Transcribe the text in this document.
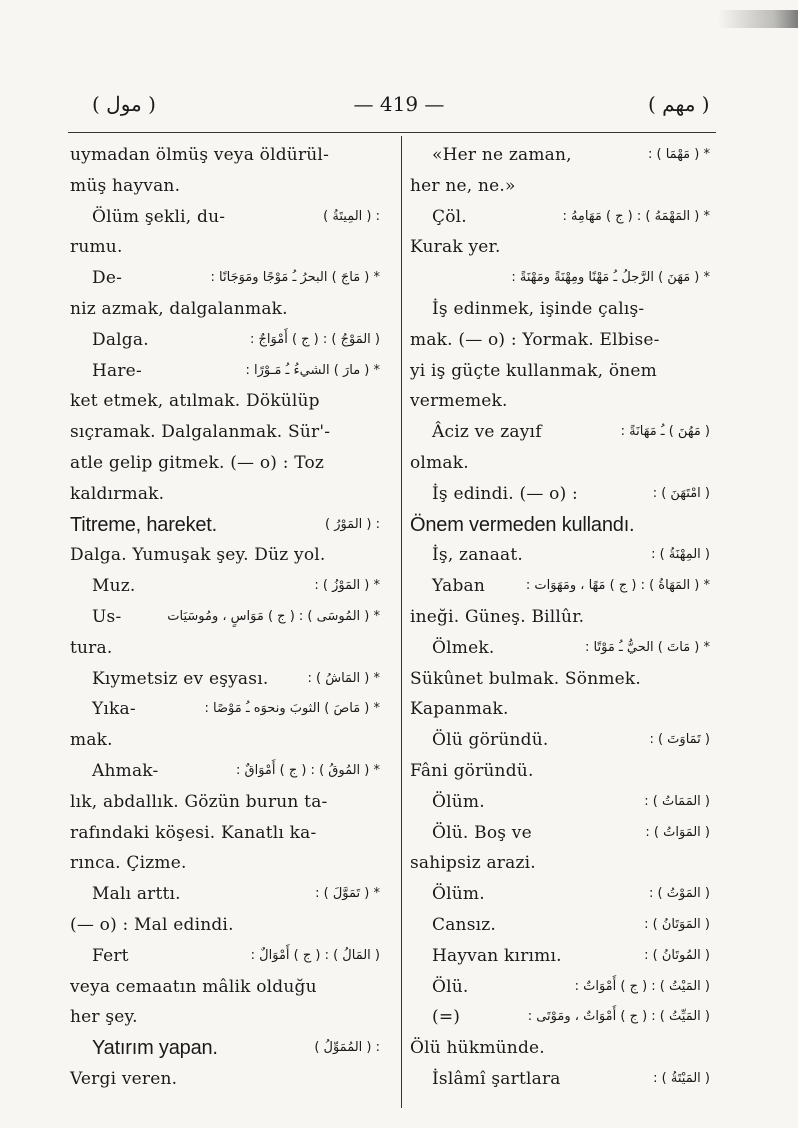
( مول )	— 419 —	( مهم )
uymadan ölmüş veya öldürül-
müş hayvan.
Ölüm şekli, du-	: ( المِيتَةُ )
rumu.
De-	* ( مَاجَ ) البحرُ ـُ مَوْجًا ومَوَجَانًا :
niz azmak, dalgalanmak.
Dalga.	( المَوْجُ ) : ( ج ) أَمْوَاجٌ :
Hare-	* ( مارَ ) الشيءُ ـُ مَـوْرًا :
ket etmek, atılmak. Dökülüp
sıçramak. Dalgalanmak. Sür'-
atle gelip gitmek. (— o) : Toz
kaldırmak.
Titreme, hareket.	: ( المَوْرُ )
Dalga. Yumuşak şey. Düz yol.
Muz.	* ( المَوْزُ ) :
Us-	* ( المُوسَى ) : ( ج ) مَوَاسٍ ، ومُوسَيَات
tura.
Kıymetsiz ev eşyası.	* ( المَاشُ ) :
Yıka-	* ( مَاصَ ) الثوبَ ونحوَه ـُ مَوْصًا :
mak.
Ahmak-	* ( المُوقُ ) : ( ج ) أَمْوَاقٌ :
lık, abdallık. Gözün burun ta-
rafındaki köşesi. Kanatlı ka-
rınca. Çizme.
Malı arttı.	* ( تَمَوَّلَ ) :
(— o) : Mal edindi.
Fert	( المَالُ ) : ( ج ) أَمْوَالٌ :
veya cemaatın mâlik olduğu
her şey.
Yatırım yapan.	: ( المُمَوِّلُ )
Vergi veren.
«Her ne zaman,	* ( مَهْمَا ) :
her ne, ne.»
Çöl.	* ( المَهْمَهُ ) : ( ج ) مَهَامِهُ :
Kurak yer.
* ( مَهَنَ ) الرَّجلُ ـُ مَهْنًا ومِهْنَةً ومَهْنَةً :
İş edinmek, işinde çalış-
mak. (— o) : Yormak. Elbise-
yi iş güçte kullanmak, önem
vermemek.
Âciz ve zayıf	( مَهُنَ ) ـُ مَهَانَةً :
olmak.
İş edindi. (— o) :	( امْتَهَنَ ) :
Önem vermeden kullandı.
İş, zanaat.	( المِهْنَةُ ) :
Yaban	* ( المَهَاةُ ) : ( ج ) مَهًا ، ومَهَوَات :
ineği. Güneş. Billûr.
Ölmek.	* ( مَاتَ ) الحيُّ ـُ مَوْتًا :
Sükûnet bulmak. Sönmek.
Kapanmak.
Ölü göründü.	( تَمَاوَتَ ) :
Fâni göründü.
Ölüm.	( المَمَاتُ ) :
Ölü. Boş ve	( المَوَاتُ ) :
sahipsiz arazi.
Ölüm.	( المَوْتُ ) :
Cansız.	( المَوَتَانُ ) :
Hayvan kırımı.	( المُوتَانُ ) :
Ölü.	( المَيْتُ ) : ( ج ) أَمْوَاتٌ :
(=)	( المَيِّتُ ) : ( ج ) أَمْوَاتٌ ، ومَوْتَى :
Ölü hükmünde.
İslâmî şartlara	( المَيْتَةُ ) :
